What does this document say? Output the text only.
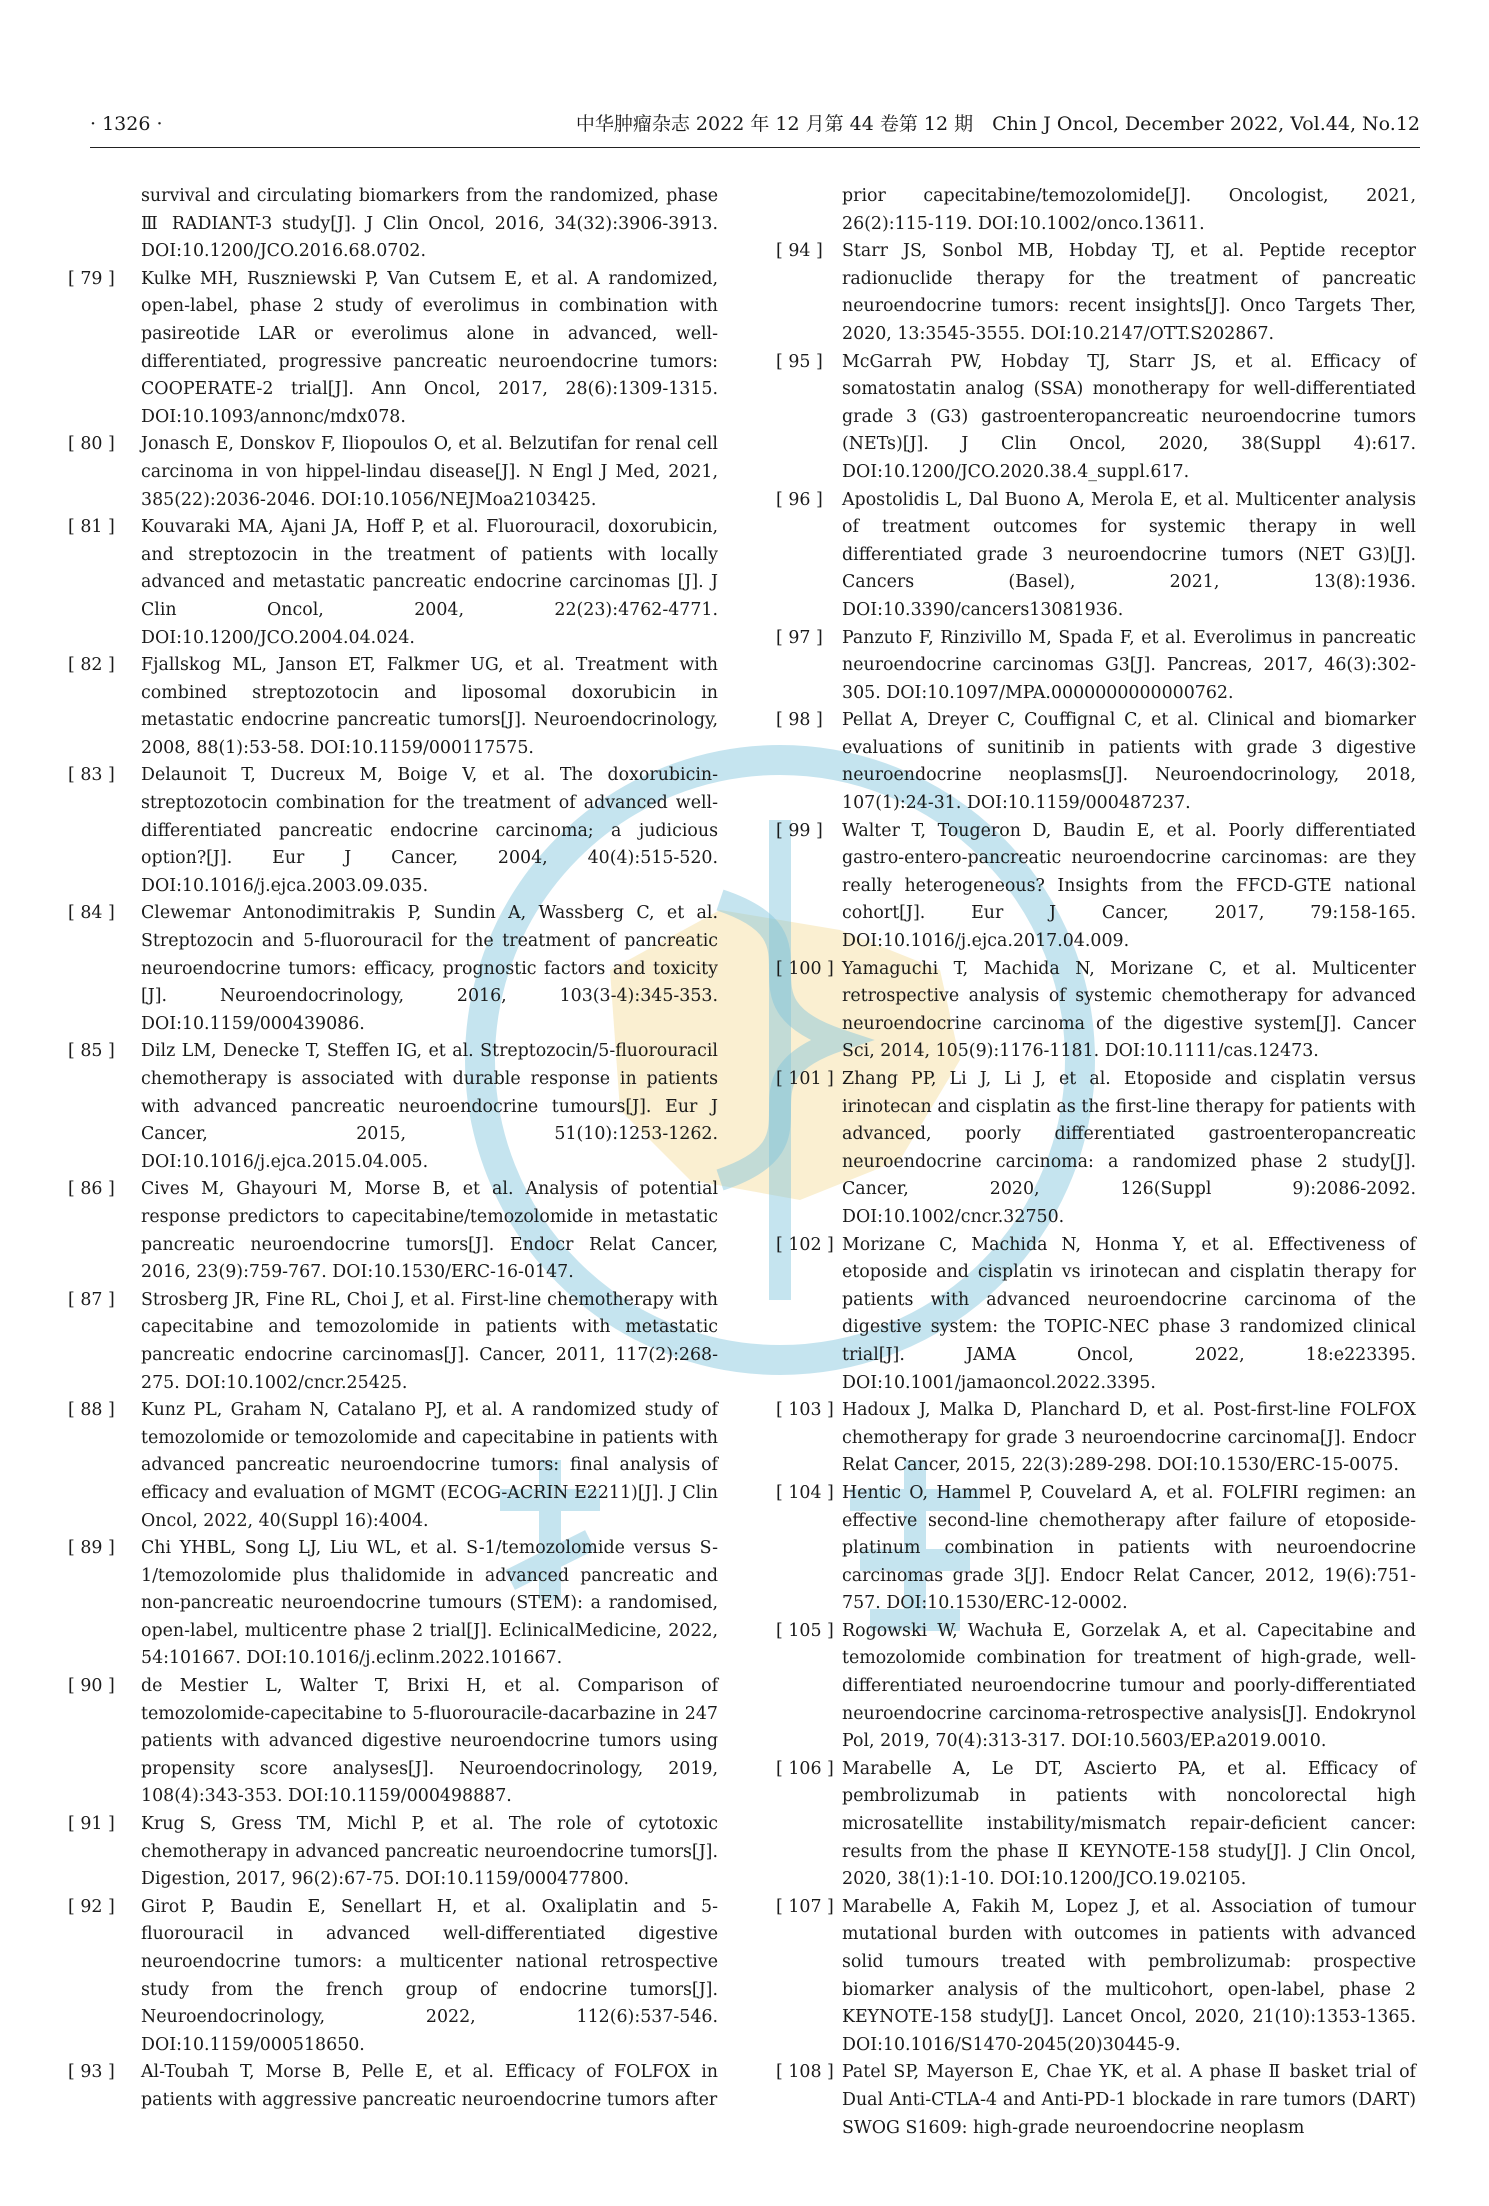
· 1326 ·	中华肿瘤杂志 2022 年 12 月第 44 卷第 12 期　Chin J Oncol, December 2022, Vol.44, No.12
survival and circulating biomarkers from the randomized, phase Ⅲ RADIANT-3 study[J]. J Clin Oncol, 2016, 34(32):3906-3913. DOI:10.1200/JCO.2016.68.0702.
[ 79 ]	Kulke MH, Ruszniewski P, Van Cutsem E, et al. A randomized, open-label, phase 2 study of everolimus in combination with pasireotide LAR or everolimus alone in advanced, well-differentiated, progressive pancreatic neuroendocrine tumors: COOPERATE-2 trial[J]. Ann Oncol, 2017, 28(6):1309-1315. DOI:10.1093/annonc/mdx078.
[ 80 ]	Jonasch E, Donskov F, Iliopoulos O, et al. Belzutifan for renal cell carcinoma in von hippel-lindau disease[J]. N Engl J Med, 2021, 385(22):2036-2046. DOI:10.1056/NEJMoa2103425.
[ 81 ]	Kouvaraki MA, Ajani JA, Hoff P, et al. Fluorouracil, doxorubicin, and streptozocin in the treatment of patients with locally advanced and metastatic pancreatic endocrine carcinomas [J]. J Clin Oncol, 2004, 22(23):4762-4771. DOI:10.1200/JCO.2004.04.024.
[ 82 ]	Fjallskog ML, Janson ET, Falkmer UG, et al. Treatment with combined streptozotocin and liposomal doxorubicin in metastatic endocrine pancreatic tumors[J]. Neuroendocrinology, 2008, 88(1):53-58. DOI:10.1159/000117575.
[ 83 ]	Delaunoit T, Ducreux M, Boige V, et al. The doxorubicin-streptozotocin combination for the treatment of advanced well-differentiated pancreatic endocrine carcinoma; a judicious option?[J]. Eur J Cancer, 2004, 40(4):515-520. DOI:10.1016/j.ejca.2003.09.035.
[ 84 ]	Clewemar Antonodimitrakis P, Sundin A, Wassberg C, et al. Streptozocin and 5-fluorouracil for the treatment of pancreatic neuroendocrine tumors: efficacy, prognostic factors and toxicity [J]. Neuroendocrinology, 2016, 103(3-4):345-353. DOI:10.1159/000439086.
[ 85 ]	Dilz LM, Denecke T, Steffen IG, et al. Streptozocin/5-fluorouracil chemotherapy is associated with durable response in patients with advanced pancreatic neuroendocrine tumours[J]. Eur J Cancer, 2015, 51(10):1253-1262. DOI:10.1016/j.ejca.2015.04.005.
[ 86 ]	Cives M, Ghayouri M, Morse B, et al. Analysis of potential response predictors to capecitabine/temozolomide in metastatic pancreatic neuroendocrine tumors[J]. Endocr Relat Cancer, 2016, 23(9):759-767. DOI:10.1530/ERC-16-0147.
[ 87 ]	Strosberg JR, Fine RL, Choi J, et al. First-line chemotherapy with capecitabine and temozolomide in patients with metastatic pancreatic endocrine carcinomas[J]. Cancer, 2011, 117(2):268-275. DOI:10.1002/cncr.25425.
[ 88 ]	Kunz PL, Graham N, Catalano PJ, et al. A randomized study of temozolomide or temozolomide and capecitabine in patients with advanced pancreatic neuroendocrine tumors: final analysis of efficacy and evaluation of MGMT (ECOG-ACRIN E2211)[J]. J Clin Oncol, 2022, 40(Suppl 16):4004.
[ 89 ]	Chi YHBL, Song LJ, Liu WL, et al. S-1/temozolomide versus S-1/temozolomide plus thalidomide in advanced pancreatic and non-pancreatic neuroendocrine tumours (STEM): a randomised, open-label, multicentre phase 2 trial[J]. EclinicalMedicine, 2022, 54:101667. DOI:10.1016/j.eclinm.2022.101667.
[ 90 ]	de Mestier L, Walter T, Brixi H, et al. Comparison of temozolomide-capecitabine to 5-fluorouracile-dacarbazine in 247 patients with advanced digestive neuroendocrine tumors using propensity score analyses[J]. Neuroendocrinology, 2019, 108(4):343-353. DOI:10.1159/000498887.
[ 91 ]	Krug S, Gress TM, Michl P, et al. The role of cytotoxic chemotherapy in advanced pancreatic neuroendocrine tumors[J]. Digestion, 2017, 96(2):67-75. DOI:10.1159/000477800.
[ 92 ]	Girot P, Baudin E, Senellart H, et al. Oxaliplatin and 5-fluorouracil in advanced well-differentiated digestive neuroendocrine tumors: a multicenter national retrospective study from the french group of endocrine tumors[J]. Neuroendocrinology, 2022, 112(6):537-546. DOI:10.1159/000518650.
[ 93 ]	Al-Toubah T, Morse B, Pelle E, et al. Efficacy of FOLFOX in patients with aggressive pancreatic neuroendocrine tumors after
prior capecitabine/temozolomide[J]. Oncologist, 2021, 26(2):115-119. DOI:10.1002/onco.13611.
[ 94 ]	Starr JS, Sonbol MB, Hobday TJ, et al. Peptide receptor radionuclide therapy for the treatment of pancreatic neuroendocrine tumors: recent insights[J]. Onco Targets Ther, 2020, 13:3545-3555. DOI:10.2147/OTT.S202867.
[ 95 ]	McGarrah PW, Hobday TJ, Starr JS, et al. Efficacy of somatostatin analog (SSA) monotherapy for well-differentiated grade 3 (G3) gastroenteropancreatic neuroendocrine tumors (NETs)[J]. J Clin Oncol, 2020, 38(Suppl 4):617. DOI:10.1200/JCO.2020.38.4_suppl.617.
[ 96 ]	Apostolidis L, Dal Buono A, Merola E, et al. Multicenter analysis of treatment outcomes for systemic therapy in well differentiated grade 3 neuroendocrine tumors (NET G3)[J]. Cancers (Basel), 2021, 13(8):1936. DOI:10.3390/cancers13081936.
[ 97 ]	Panzuto F, Rinzivillo M, Spada F, et al. Everolimus in pancreatic neuroendocrine carcinomas G3[J]. Pancreas, 2017, 46(3):302-305. DOI:10.1097/MPA.0000000000000762.
[ 98 ]	Pellat A, Dreyer C, Couffignal C, et al. Clinical and biomarker evaluations of sunitinib in patients with grade 3 digestive neuroendocrine neoplasms[J]. Neuroendocrinology, 2018, 107(1):24-31. DOI:10.1159/000487237.
[ 99 ]	Walter T, Tougeron D, Baudin E, et al. Poorly differentiated gastro-entero-pancreatic neuroendocrine carcinomas: are they really heterogeneous? Insights from the FFCD-GTE national cohort[J]. Eur J Cancer, 2017, 79:158-165. DOI:10.1016/j.ejca.2017.04.009.
[ 100 ] Yamaguchi T, Machida N, Morizane C, et al. Multicenter retrospective analysis of systemic chemotherapy for advanced neuroendocrine carcinoma of the digestive system[J]. Cancer Sci, 2014, 105(9):1176-1181. DOI:10.1111/cas.12473.
[ 101 ] Zhang PP, Li J, Li J, et al. Etoposide and cisplatin versus irinotecan and cisplatin as the first-line therapy for patients with advanced, poorly differentiated gastroenteropancreatic neuroendocrine carcinoma: a randomized phase 2 study[J]. Cancer, 2020, 126(Suppl 9):2086-2092. DOI:10.1002/cncr.32750.
[ 102 ] Morizane C, Machida N, Honma Y, et al. Effectiveness of etoposide and cisplatin vs irinotecan and cisplatin therapy for patients with advanced neuroendocrine carcinoma of the digestive system: the TOPIC-NEC phase 3 randomized clinical trial[J]. JAMA Oncol, 2022, 18:e223395. DOI:10.1001/jamaoncol.2022.3395.
[ 103 ] Hadoux J, Malka D, Planchard D, et al. Post-first-line FOLFOX chemotherapy for grade 3 neuroendocrine carcinoma[J]. Endocr Relat Cancer, 2015, 22(3):289-298. DOI:10.1530/ERC-15-0075.
[ 104 ] Hentic O, Hammel P, Couvelard A, et al. FOLFIRI regimen: an effective second-line chemotherapy after failure of etoposide-platinum combination in patients with neuroendocrine carcinomas grade 3[J]. Endocr Relat Cancer, 2012, 19(6):751-757. DOI:10.1530/ERC-12-0002.
[ 105 ] Rogowski W, Wachuła E, Gorzelak A, et al. Capecitabine and temozolomide combination for treatment of high-grade, well-differentiated neuroendocrine tumour and poorly-differentiated neuroendocrine carcinoma-retrospective analysis[J]. Endokrynol Pol, 2019, 70(4):313-317. DOI:10.5603/EP.a2019.0010.
[ 106 ] Marabelle A, Le DT, Ascierto PA, et al. Efficacy of pembrolizumab in patients with noncolorectal high microsatellite instability/mismatch repair-deficient cancer: results from the phase Ⅱ KEYNOTE-158 study[J]. J Clin Oncol, 2020, 38(1):1-10. DOI:10.1200/JCO.19.02105.
[ 107 ] Marabelle A, Fakih M, Lopez J, et al. Association of tumour mutational burden with outcomes in patients with advanced solid tumours treated with pembrolizumab: prospective biomarker analysis of the multicohort, open-label, phase 2 KEYNOTE-158 study[J]. Lancet Oncol, 2020, 21(10):1353-1365. DOI:10.1016/S1470-2045(20)30445-9.
[ 108 ] Patel SP, Mayerson E, Chae YK, et al. A phase Ⅱ basket trial of Dual Anti-CTLA-4 and Anti-PD-1 blockade in rare tumors (DART) SWOG S1609: high-grade neuroendocrine neoplasm
